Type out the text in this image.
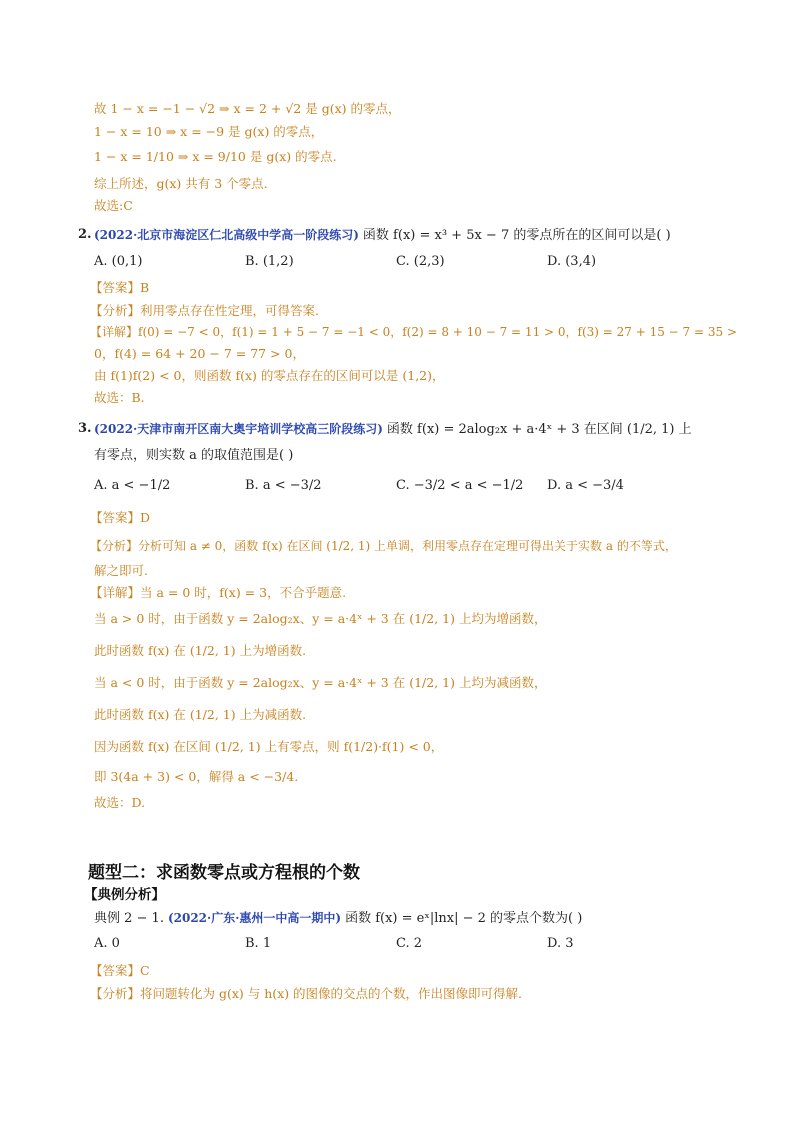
故 1 − x = −1 − √2 ⇒ x = 2 + √2 是 g(x) 的零点，
1 − x = 10 ⇒ x = −9 是 g(x) 的零点，
1 − x = 1/10 ⇒ x = 9/10 是 g(x) 的零点.
综上所述，g(x) 共有 3 个零点.
故选:C
2. (2022·北京市海淀区仁北高级中学高一阶段练习) 函数 f(x) = x³ + 5x − 7 的零点所在的区间可以是( )
A. (0,1)	B. (1,2)	C. (2,3)	D. (3,4)
【答案】B
【分析】利用零点存在性定理，可得答案.
【详解】f(0) = −7 < 0，f(1) = 1 + 5 − 7 = −1 < 0，f(2) = 8 + 10 − 7 = 11 > 0，f(3) = 27 + 15 − 7 = 35 >
0，f(4) = 64 + 20 − 7 = 77 > 0，
由 f(1)f(2) < 0，则函数 f(x) 的零点存在的区间可以是 (1,2)，
故选：B.
3. (2022·天津市南开区南大奥宇培训学校高三阶段练习) 函数 f(x) = 2alog₂x + a·4ˣ + 3 在区间 (1/2, 1) 上
有零点，则实数 a 的取值范围是( )
A. a < −1/2	B. a < −3/2	C. −3/2 < a < −1/2 D. a < −3/4
【答案】D
【分析】分析可知 a ≠ 0，函数 f(x) 在区间 (1/2, 1) 上单调，利用零点存在定理可得出关于实数 a 的不等式，
解之即可.
【详解】当 a = 0 时，f(x) = 3，不合乎题意.
当 a > 0 时，由于函数 y = 2alog₂x、y = a·4ˣ + 3 在 (1/2, 1) 上均为增函数，
此时函数 f(x) 在 (1/2, 1) 上为增函数.
当 a < 0 时，由于函数 y = 2alog₂x、y = a·4ˣ + 3 在 (1/2, 1) 上均为减函数，
此时函数 f(x) 在 (1/2, 1) 上为减函数.
因为函数 f(x) 在区间 (1/2, 1) 上有零点，则 f(1/2)·f(1) < 0，
即 3(4a + 3) < 0，解得 a < −3/4.
故选：D.
题型二：求函数零点或方程根的个数
【典例分析】
典例 2 − 1. (2022·广东·惠州一中高一期中) 函数 f(x) = eˣ|lnx| − 2 的零点个数为( )
A. 0	B. 1	C. 2	D. 3
【答案】C
【分析】将问题转化为 g(x) 与 h(x) 的图像的交点的个数，作出图像即可得解.
